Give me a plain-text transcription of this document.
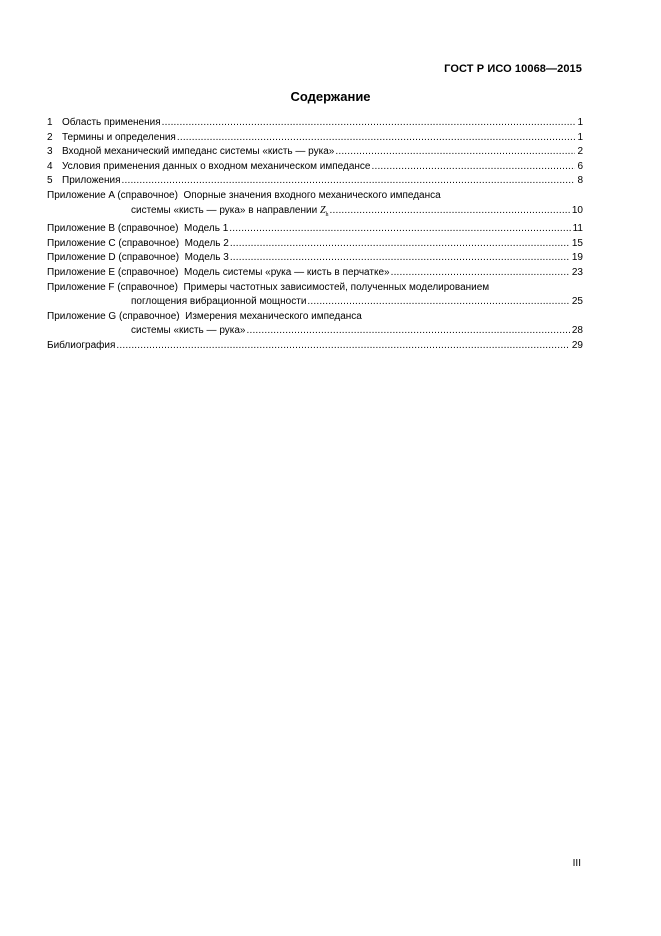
ГОСТ Р ИСО 10068—2015
Содержание
1 Область применения .....	1
2 Термины и определения .....	1
3 Входной механический импеданс системы «кисть — рука» .....	2
4 Условия применения данных о входном механическом импедансе .....	6
5 Приложения .....	8
Приложение A (справочное) Опорные значения входного механического импеданса
системы «кисть — рука» в направлении $Z_h$ .....	10
Приложение B (справочное) Модель 1 .....	11
Приложение C (справочное) Модель 2 .....	15
Приложение D (справочное) Модель 3 .....	19
Приложение E (справочное) Модель системы «рука — кисть в перчатке» .....	23
Приложение F (справочное) Примеры частотных зависимостей, полученных моделированием
поглощения вибрационной мощности .....	25
Приложение G (справочное) Измерения механического импеданса
системы «кисть — рука» .....	28
Библиография .....	29
III
